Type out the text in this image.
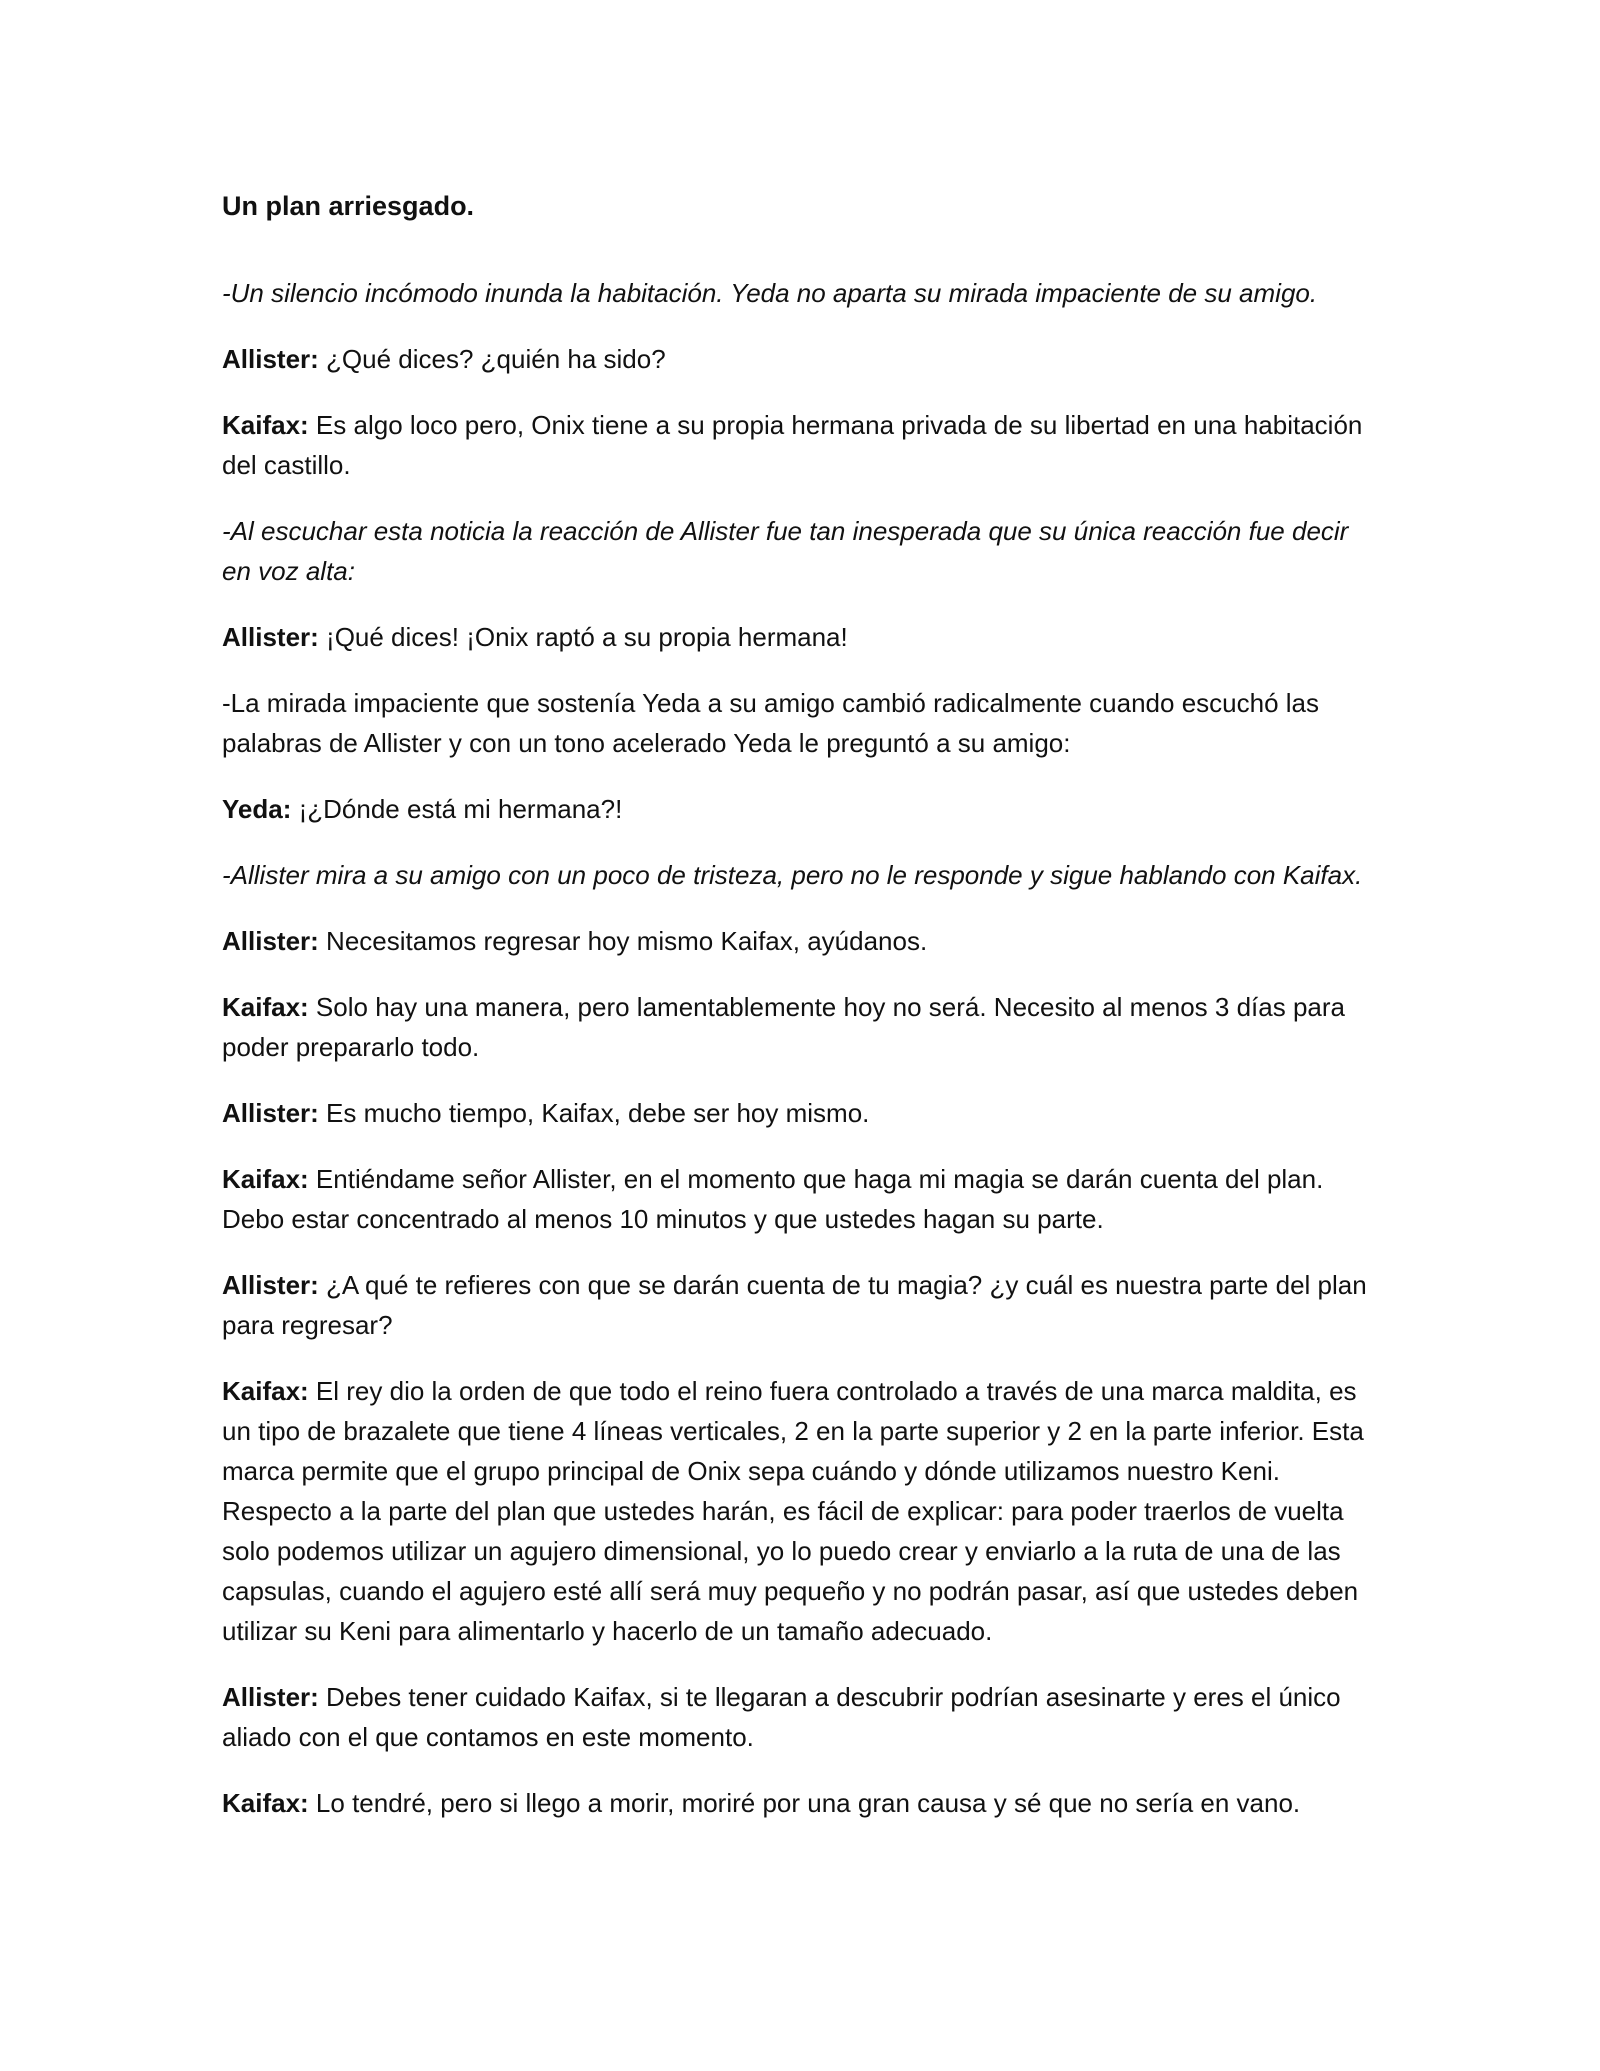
Un plan arriesgado.

-Un silencio incómodo inunda la habitación. Yeda no aparta su mirada impaciente de su amigo.

Allister: ¿Qué dices? ¿quién ha sido?

Kaifax: Es algo loco pero, Onix tiene a su propia hermana privada de su libertad en una habitación del castillo.

-Al escuchar esta noticia la reacción de Allister fue tan inesperada que su única reacción fue decir en voz alta:

Allister: ¡Qué dices! ¡Onix raptó a su propia hermana!

-La mirada impaciente que sostenía Yeda a su amigo cambió radicalmente cuando escuchó las palabras de Allister y con un tono acelerado Yeda le preguntó a su amigo:

Yeda: ¡¿Dónde está mi hermana?!

-Allister mira a su amigo con un poco de tristeza, pero no le responde y sigue hablando con Kaifax.

Allister: Necesitamos regresar hoy mismo Kaifax, ayúdanos.

Kaifax: Solo hay una manera, pero lamentablemente hoy no será. Necesito al menos 3 días para poder prepararlo todo.

Allister: Es mucho tiempo, Kaifax, debe ser hoy mismo.

Kaifax: Entiéndame señor Allister, en el momento que haga mi magia se darán cuenta del plan. Debo estar concentrado al menos 10 minutos y que ustedes hagan su parte.

Allister: ¿A qué te refieres con que se darán cuenta de tu magia? ¿y cuál es nuestra parte del plan para regresar?

Kaifax: El rey dio la orden de que todo el reino fuera controlado a través de una marca maldita, es un tipo de brazalete que tiene 4 líneas verticales, 2 en la parte superior y 2 en la parte inferior. Esta marca permite que el grupo principal de Onix sepa cuándo y dónde utilizamos nuestro Keni. Respecto a la parte del plan que ustedes harán, es fácil de explicar: para poder traerlos de vuelta solo podemos utilizar un agujero dimensional, yo lo puedo crear y enviarlo a la ruta de una de las capsulas, cuando el agujero esté allí será muy pequeño y no podrán pasar, así que ustedes deben utilizar su Keni para alimentarlo y hacerlo de un tamaño adecuado.

Allister: Debes tener cuidado Kaifax, si te llegaran a descubrir podrían asesinarte y eres el único aliado con el que contamos en este momento.

Kaifax: Lo tendré, pero si llego a morir, moriré por una gran causa y sé que no sería en vano.
